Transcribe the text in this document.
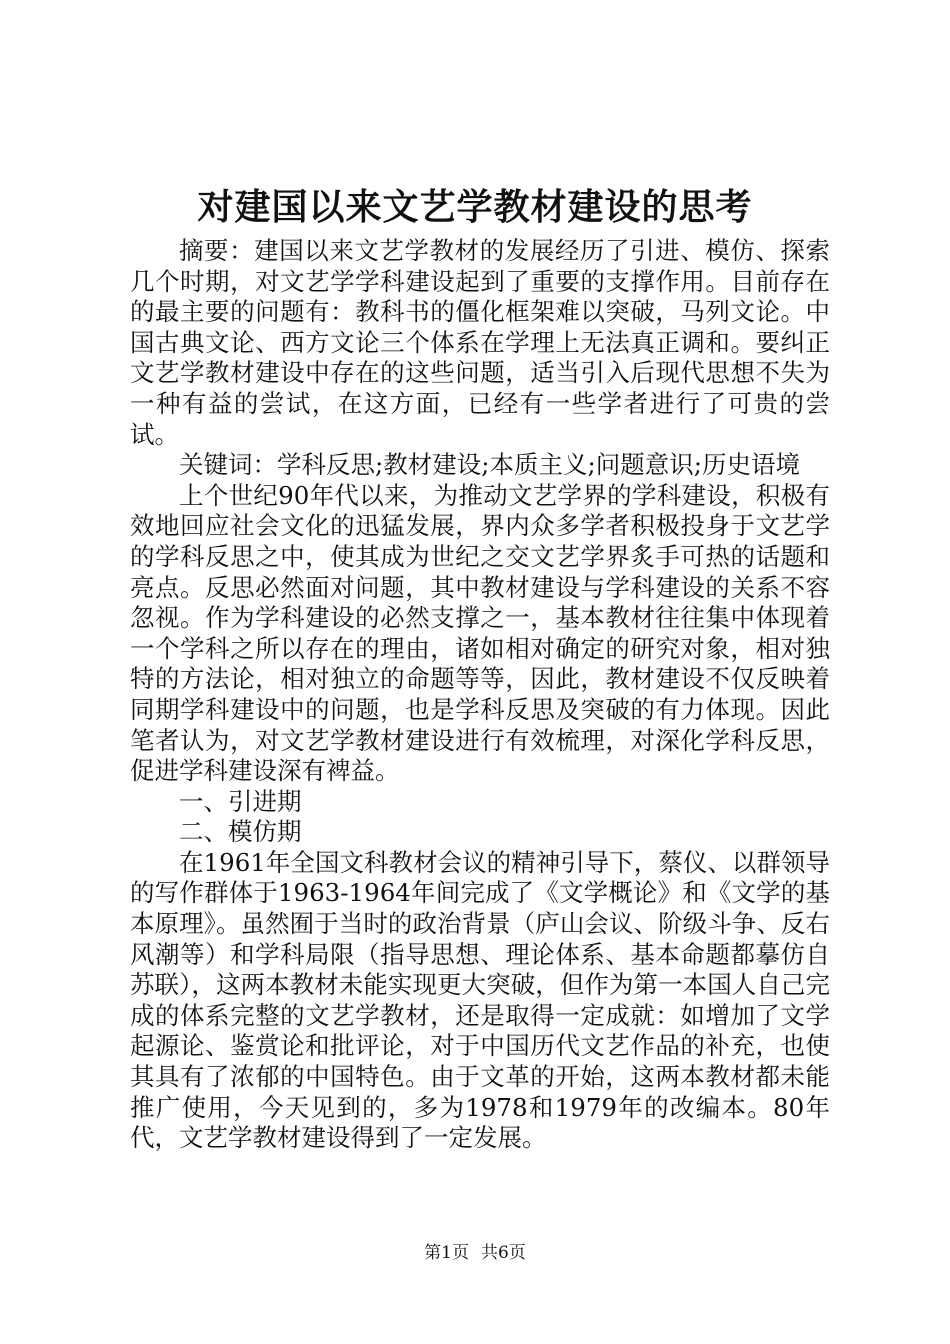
对建国以来文艺学教材建设的思考

摘要：建国以来文艺学教材的发展经历了引进、模仿、探索几个时期，对文艺学学科建设起到了重要的支撑作用。目前存在的最主要的问题有：教科书的僵化框架难以突破，马列文论。中国古典文论、西方文论三个体系在学理上无法真正调和。要纠正文艺学教材建设中存在的这些问题，适当引入后现代思想不失为一种有益的尝试，在这方面，已经有一些学者进行了可贵的尝试。

关键词：学科反思;教材建设;本质主义;问题意识;历史语境

上个世纪90年代以来，为推动文艺学界的学科建设，积极有效地回应社会文化的迅猛发展，界内众多学者积极投身于文艺学的学科反思之中，使其成为世纪之交文艺学界炙手可热的话题和亮点。反思必然面对问题，其中教材建设与学科建设的关系不容忽视。作为学科建设的必然支撑之一，基本教材往往集中体现着一个学科之所以存在的理由，诸如相对确定的研究对象，相对独特的方法论，相对独立的命题等等，因此，教材建设不仅反映着同期学科建设中的问题，也是学科反思及突破的有力体现。因此笔者认为，对文艺学教材建设进行有效梳理，对深化学科反思，促进学科建设深有裨益。

一、引进期

二、模仿期

在1961年全国文科教材会议的精神引导下，蔡仪、以群领导的写作群体于1963-1964年间完成了《文学概论》和《文学的基本原理》。虽然囿于当时的政治背景（庐山会议、阶级斗争、反右风潮等）和学科局限（指导思想、理论体系、基本命题都摹仿自苏联），这两本教材未能实现更大突破，但作为第一本国人自己完成的体系完整的文艺学教材，还是取得一定成就：如增加了文学起源论、鉴赏论和批评论，对于中国历代文艺作品的补充，也使其具有了浓郁的中国特色。由于文革的开始，这两本教材都未能推广使用，今天见到的，多为1978和1979年的改编本。80年代，文艺学教材建设得到了一定发展。

第1页 共6页
